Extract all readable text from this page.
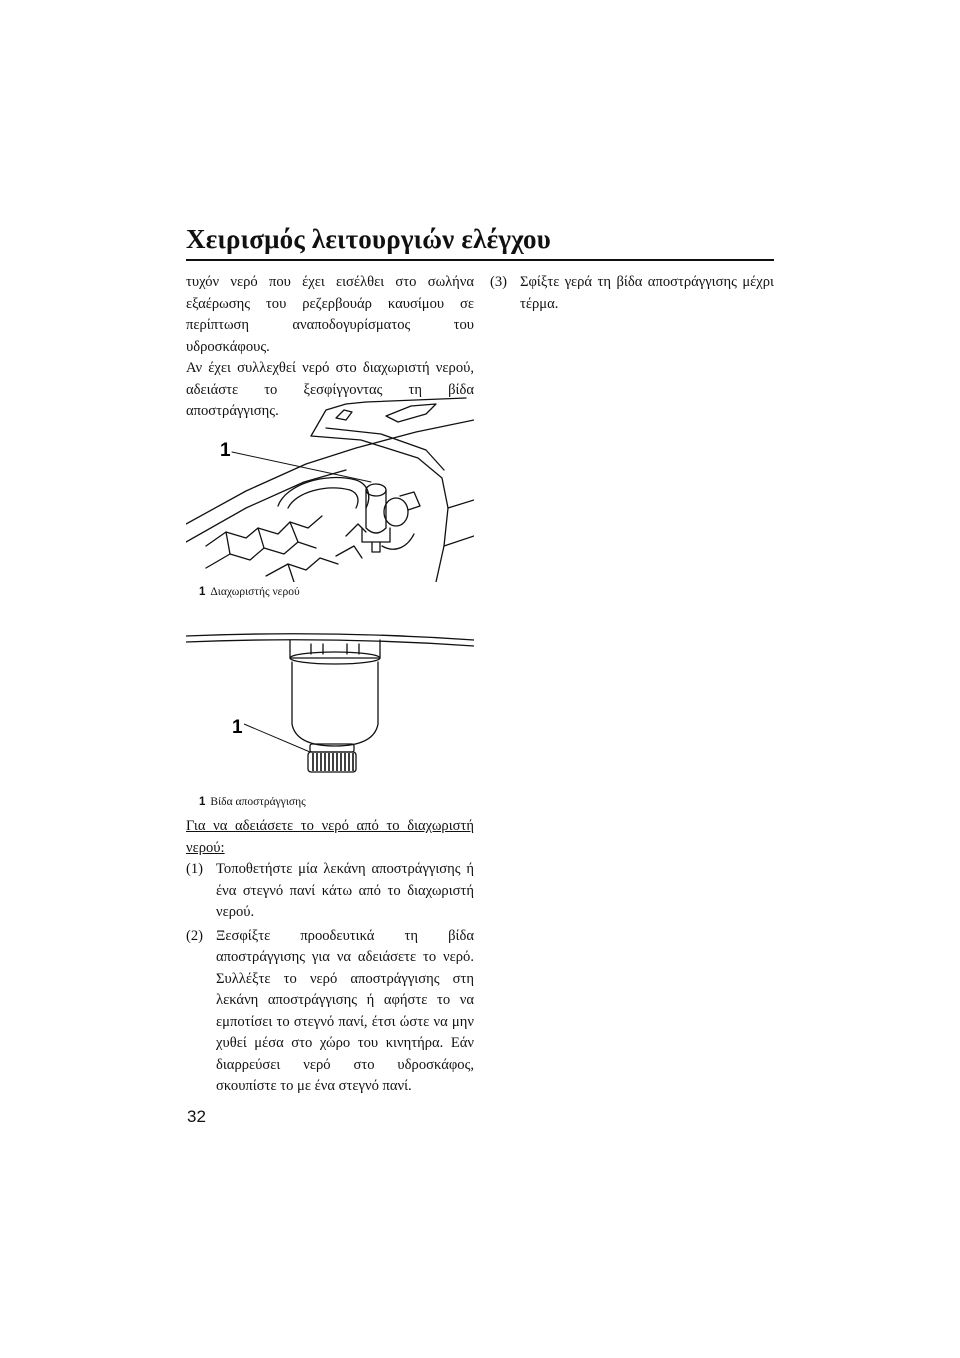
Χειρισμός λειτουργιών ελέγχου

τυχόν νερό που έχει εισέλθει στο σωλήνα εξαέρωσης του ρεζερβουάρ καυσίμου σε περίπτωση αναποδογυρίσματος του υδροσκάφους.

Αν έχει συλλεχθεί νερό στο διαχωριστή νερού, αδειάστε το ξεσφίγγοντας τη βίδα αποστράγγισης.

1
1 Διαχωριστής νερού
1
1 Βίδα αποστράγγισης
Για να αδειάσετε το νερό από το διαχωριστή νερού:
(1) Τοποθετήστε μία λεκάνη αποστράγγισης ή ένα στεγνό πανί κάτω από το διαχωριστή νερού.
(2) Ξεσφίξτε προοδευτικά τη βίδα αποστράγγισης για να αδειάσετε το νερό. Συλλέξτε το νερό αποστράγγισης στη λεκάνη αποστράγγισης ή αφήστε το να εμποτίσει το στεγνό πανί, έτσι ώστε να μην χυθεί μέσα στο χώρο του κινητήρα. Εάν διαρρεύσει νερό στο υδροσκάφος, σκουπίστε το με ένα στεγνό πανί.
(3) Σφίξτε γερά τη βίδα αποστράγγισης μέχρι τέρμα.
32
